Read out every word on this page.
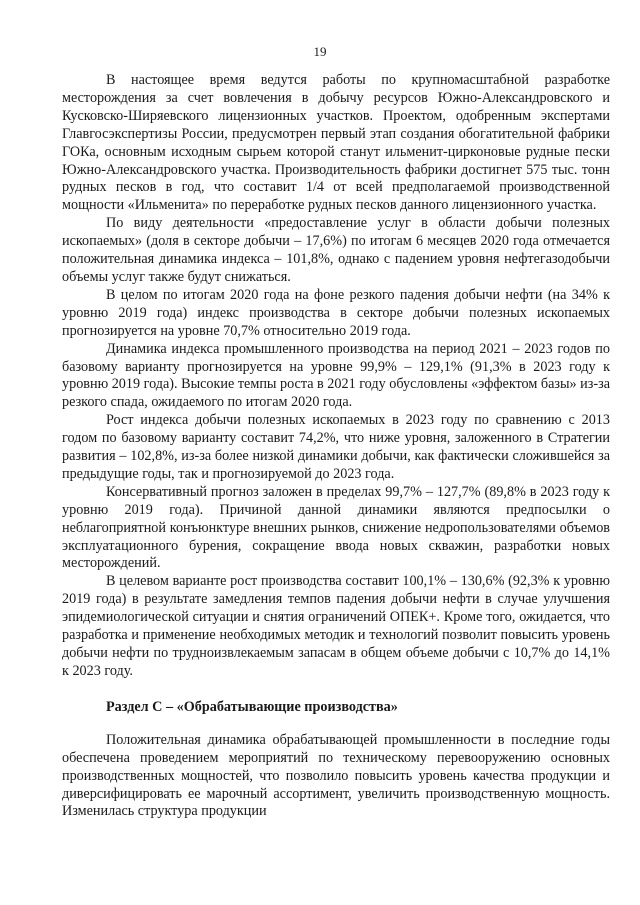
19

В настоящее время ведутся работы по крупномасштабной разработке месторождения за счет вовлечения в добычу ресурсов Южно-Александровского и Кусковско-Ширяевского лицензионных участков. Проектом, одобренным экспертами Главгосэкспертизы России, предусмотрен первый этап создания обогатительной фабрики ГОКа, основным исходным сырьем которой станут ильменит-цирконовые рудные пески Южно-Александровского участка. Производительность фабрики достигнет 575 тыс. тонн рудных песков в год, что составит 1/4 от всей предполагаемой производственной мощности «Ильменита» по переработке рудных песков данного лицензионного участка.

По виду деятельности «предоставление услуг в области добычи полезных ископаемых» (доля в секторе добычи – 17,6%) по итогам 6 месяцев 2020 года отмечается положительная динамика индекса – 101,8%, однако с падением уровня нефтегазодобычи объемы услуг также будут снижаться.

В целом по итогам 2020 года на фоне резкого падения добычи нефти (на 34% к уровню 2019 года) индекс производства в секторе добычи полезных ископаемых прогнозируется на уровне 70,7% относительно 2019 года.

Динамика индекса промышленного производства на период 2021 – 2023 годов по базовому варианту прогнозируется на уровне 99,9% – 129,1% (91,3% в 2023 году к уровню 2019 года). Высокие темпы роста в 2021 году обусловлены «эффектом базы» из-за резкого спада, ожидаемого по итогам 2020 года.

Рост индекса добычи полезных ископаемых в 2023 году по сравнению с 2013 годом по базовому варианту составит 74,2%, что ниже уровня, заложенного в Стратегии развития – 102,8%, из-за более низкой динамики добычи, как фактически сложившейся за предыдущие годы, так и прогнозируемой до 2023 года.

Консервативный прогноз заложен в пределах 99,7% – 127,7% (89,8% в 2023 году к уровню 2019 года). Причиной данной динамики являются предпосылки о неблагоприятной конъюнктуре внешних рынков, снижение недропользователями объемов эксплуатационного бурения, сокращение ввода новых скважин, разработки новых месторождений.

В целевом варианте рост производства составит 100,1% – 130,6% (92,3% к уровню 2019 года) в результате замедления темпов падения добычи нефти в случае улучшения эпидемиологической ситуации и снятия ограничений ОПЕК+. Кроме того, ожидается, что разработка и применение необходимых методик и технологий позволит повысить уровень добычи нефти по трудноизвлекаемым запасам в общем объеме добычи с 10,7% до 14,1% к 2023 году.

Раздел С – «Обрабатывающие производства»

Положительная динамика обрабатывающей промышленности в последние годы обеспечена проведением мероприятий по техническому перевооружению основных производственных мощностей, что позволило повысить уровень качества продукции и диверсифицировать ее марочный ассортимент, увеличить производственную мощность. Изменилась структура продукции
